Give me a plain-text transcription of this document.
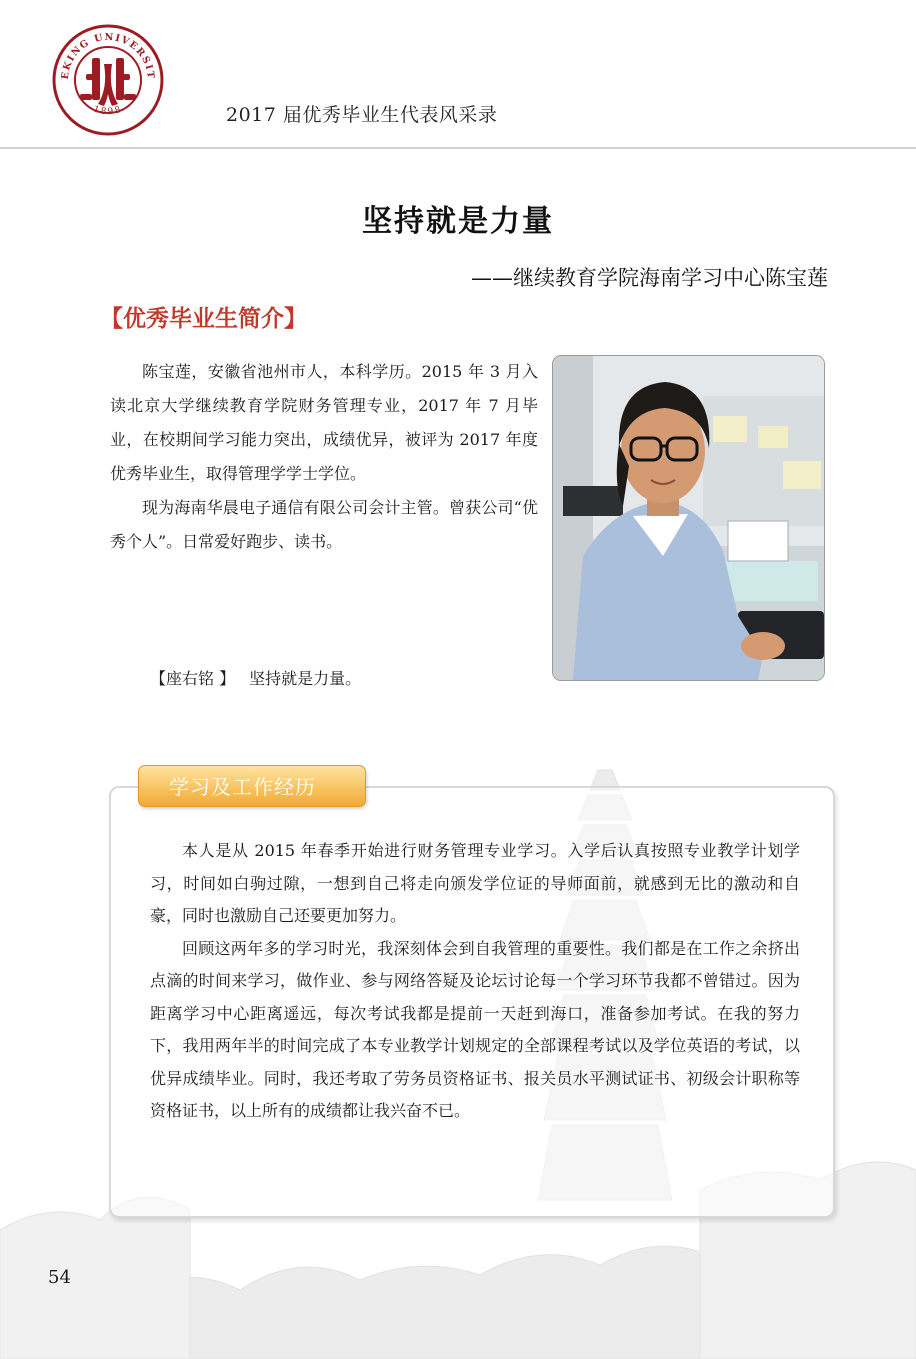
EKING UNIVERSIT
1898	2017 届优秀毕业生代表风采录
坚持就是力量
——继续教育学院海南学习中心陈宝莲
【优秀毕业生简介】

陈宝莲，安徽省池州市人，本科学历。2015 年 3 月入读北京大学继续教育学院财务管理专业，2017 年 7 月毕业，在校期间学习能力突出，成绩优异，被评为 2017 年度优秀毕业生，取得管理学学士学位。

现为海南华晨电子通信有限公司会计主管。曾获公司“优秀个人”。日常爱好跑步、读书。

【座右铭 】 坚持就是力量。
学习及工作经历

本人是从 2015 年春季开始进行财务管理专业学习。入学后认真按照专业教学计划学习，时间如白驹过隙，一想到自己将走向颁发学位证的导师面前，就感到无比的激动和自豪，同时也激励自己还要更加努力。

回顾这两年多的学习时光，我深刻体会到自我管理的重要性。我们都是在工作之余挤出点滴的时间来学习，做作业、参与网络答疑及论坛讨论每一个学习环节我都不曾错过。因为距离学习中心距离遥远，每次考试我都是提前一天赶到海口，准备参加考试。在我的努力下，我用两年半的时间完成了本专业教学计划规定的全部课程考试以及学位英语的考试，以优异成绩毕业。同时，我还考取了劳务员资格证书、报关员水平测试证书、初级会计职称等资格证书，以上所有的成绩都让我兴奋不已。

54
